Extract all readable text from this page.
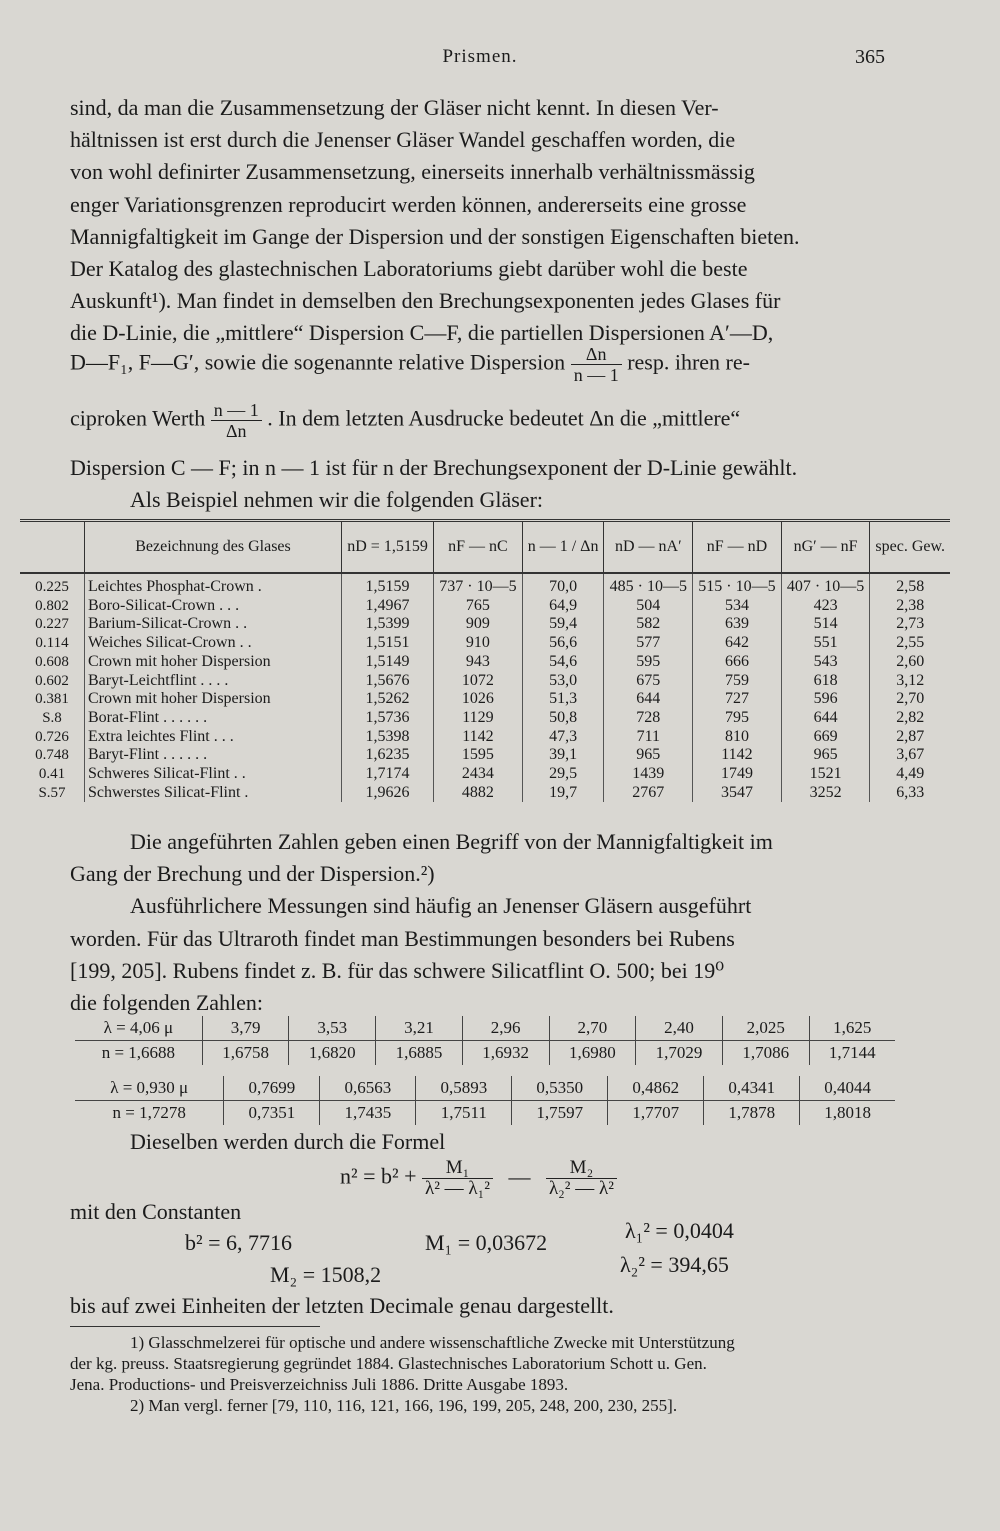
Prismen.	365
sind, da man die Zusammensetzung der Gläser nicht kennt. In diesen Ver-
hältnissen ist erst durch die Jenenser Gläser Wandel geschaffen worden, die
von wohl definirter Zusammensetzung, einerseits innerhalb verhältnissmässig
enger Variationsgrenzen reproducirt werden können, andererseits eine grosse
Mannigfaltigkeit im Gange der Dispersion und der sonstigen Eigenschaften bieten.
Der Katalog des glastechnischen Laboratoriums giebt darüber wohl die beste
Auskunft¹). Man findet in demselben den Brechungsexponenten jedes Glases für
die D-Linie, die „mittlere“ Dispersion C—F, die partiellen Dispersionen A′—D,
D—F₁, F—G′, sowie die sogenannte relative Dispersion $\frac{\Delta n}{n — 1}$ resp. ihren re-
ciproken Werth $\frac{n — 1}{\Delta n}$ . In dem letzten Ausdrucke bedeutet Δn die „mittlere“
Dispersion C — F; in n — 1 ist für n der Brechungsexponent der D-Linie gewählt.
Als Beispiel nehmen wir die folgenden Gläser:
	Bezeichnung des Glases	nD = 1,5159	nF — nC	n — 1 / Δn	nD — nA′	nF — nD	nG′ — nF	spec. Gew.
0.225	Leichtes Phosphat-Crown .	1,5159	737 · 10—5	70,0	485 · 10—5	515 · 10—5	407 · 10—5	2,58
0.802	Boro-Silicat-Crown . . .	1,4967	765	64,9	504	534	423	2,38
0.227	Barium-Silicat-Crown . .	1,5399	909	59,4	582	639	514	2,73
0.114	Weiches Silicat-Crown . .	1,5151	910	56,6	577	642	551	2,55
0.608	Crown mit hoher Dispersion	1,5149	943	54,6	595	666	543	2,60
0.602	Baryt-Leichtflint . . . .	1,5676	1072	53,0	675	759	618	3,12
0.381	Crown mit hoher Dispersion	1,5262	1026	51,3	644	727	596	2,70
S.8	Borat-Flint . . . . . .	1,5736	1129	50,8	728	795	644	2,82
0.726	Extra leichtes Flint . . .	1,5398	1142	47,3	711	810	669	2,87
0.748	Baryt-Flint . . . . . .	1,6235	1595	39,1	965	1142	965	3,67
0.41	Schweres Silicat-Flint . .	1,7174	2434	29,5	1439	1749	1521	4,49
S.57	Schwerstes Silicat-Flint .	1,9626	4882	19,7	2767	3547	3252	6,33
Die angeführten Zahlen geben einen Begriff von der Mannigfaltigkeit im
Gang der Brechung und der Dispersion.²)
Ausführlichere Messungen sind häufig an Jenenser Gläsern ausgeführt
worden. Für das Ultraroth findet man Bestimmungen besonders bei Rubens
[199, 205]. Rubens findet z. B. für das schwere Silicatflint O. 500; bei 19⁰
die folgenden Zahlen:
λ = 4,06 μ	3,79	3,53	3,21	2,96	2,70	2,40	2,025	1,625
n = 1,6688	1,6758	1,6820	1,6885	1,6932	1,6980	1,7029	1,7086	1,7144
λ = 0,930 μ	0,7699	0,6563	0,5893	0,5350	0,4862	0,4341	0,4044
n = 1,7278	0,7351	1,7435	1,7511	1,7597	1,7707	1,7878	1,8018
Dieselben werden durch die Formel
$n^2 = b^2 + \frac{\text{M₁}}{\text{λ² — λ₁²}}$ — $\frac{\text{M₂}}{\text{λ₂² — λ²}}$
mit den Constanten
b² = 6, 7716	M₁ = 0,03672	λ₁² = 0,0404
M₂ = 1508,2	λ₂² = 394,65
bis auf zwei Einheiten der letzten Decimale genau dargestellt.
1) Glasschmelzerei für optische und andere wissenschaftliche Zwecke mit Unterstützung
der kg. preuss. Staatsregierung gegründet 1884. Glastechnisches Laboratorium Schott u. Gen.
Jena. Productions- und Preisverzeichniss Juli 1886. Dritte Ausgabe 1893.
2) Man vergl. ferner [79, 110, 116, 121, 166, 196, 199, 205, 248, 200, 230, 255].
